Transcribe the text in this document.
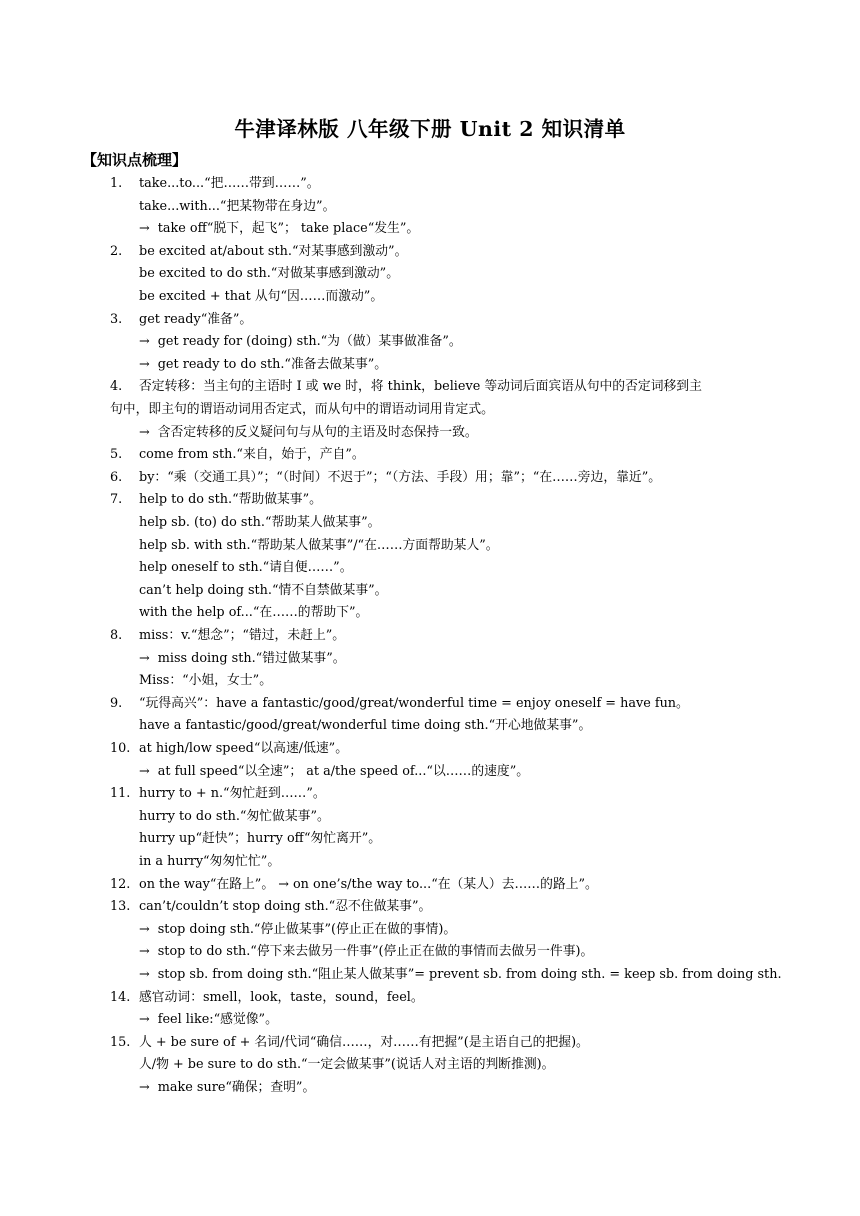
牛津译林版 八年级下册 Unit 2 知识清单
【知识点梳理】
1. take...to...“把……带到……”。
take...with...“把某物带在身边”。
→ take off“脱下，起飞”； take place“发生”。
2. be excited at/about sth.“对某事感到激动”。
be excited to do sth.“对做某事感到激动”。
be excited + that 从句“因……而激动”。
3. get ready“准备”。
→ get ready for (doing) sth.“为（做）某事做准备”。
→ get ready to do sth.“准备去做某事”。
4. 否定转移：当主句的主语时 I 或 we 时，将 think，believe 等动词后面宾语从句中的否定词移到主
句中，即主句的谓语动词用否定式，而从句中的谓语动词用肯定式。
→ 含否定转移的反义疑问句与从句的主语及时态保持一致。
5. come from sth.“来自，始于，产自”。
6. by：“乘（交通工具）”；“（时间）不迟于”；“（方法、手段）用；靠”；“在……旁边，靠近”。
7. help to do sth.“帮助做某事”。
help sb. (to) do sth.“帮助某人做某事”。
help sb. with sth.“帮助某人做某事”/“在……方面帮助某人”。
help oneself to sth.“请自便……”。
can’t help doing sth.“情不自禁做某事”。
with the help of...“在……的帮助下”。
8. miss：v.“想念”；“错过，未赶上”。
→ miss doing sth.“错过做某事”。
Miss：“小姐，女士”。
9. “玩得高兴”：have a fantastic/good/great/wonderful time = enjoy oneself = have fun。
have a fantastic/good/great/wonderful time doing sth.“开心地做某事”。
10. at high/low speed“以高速/低速”。
→ at full speed“以全速”； at a/the speed of...“以……的速度”。
11. hurry to + n.“匆忙赶到……”。
hurry to do sth.“匆忙做某事”。
hurry up“赶快”；hurry off“匆忙离开”。
in a hurry“匆匆忙忙”。
12. on the way“在路上”。 → on one’s/the way to...“在（某人）去……的路上”。
13. can’t/couldn’t stop doing sth.“忍不住做某事”。
→ stop doing sth.“停止做某事”(停止正在做的事情)。
→ stop to do sth.“停下来去做另一件事”(停止正在做的事情而去做另一件事)。
→ stop sb. from doing sth.“阻止某人做某事”= prevent sb. from doing sth. = keep sb. from doing sth.
14. 感官动词：smell，look，taste，sound，feel。
→ feel like:“感觉像”。
15. 人 + be sure of + 名词/代词“确信……，对……有把握”(是主语自己的把握)。
人/物 + be sure to do sth.“一定会做某事”(说话人对主语的判断推测)。
→ make sure“确保；查明”。
